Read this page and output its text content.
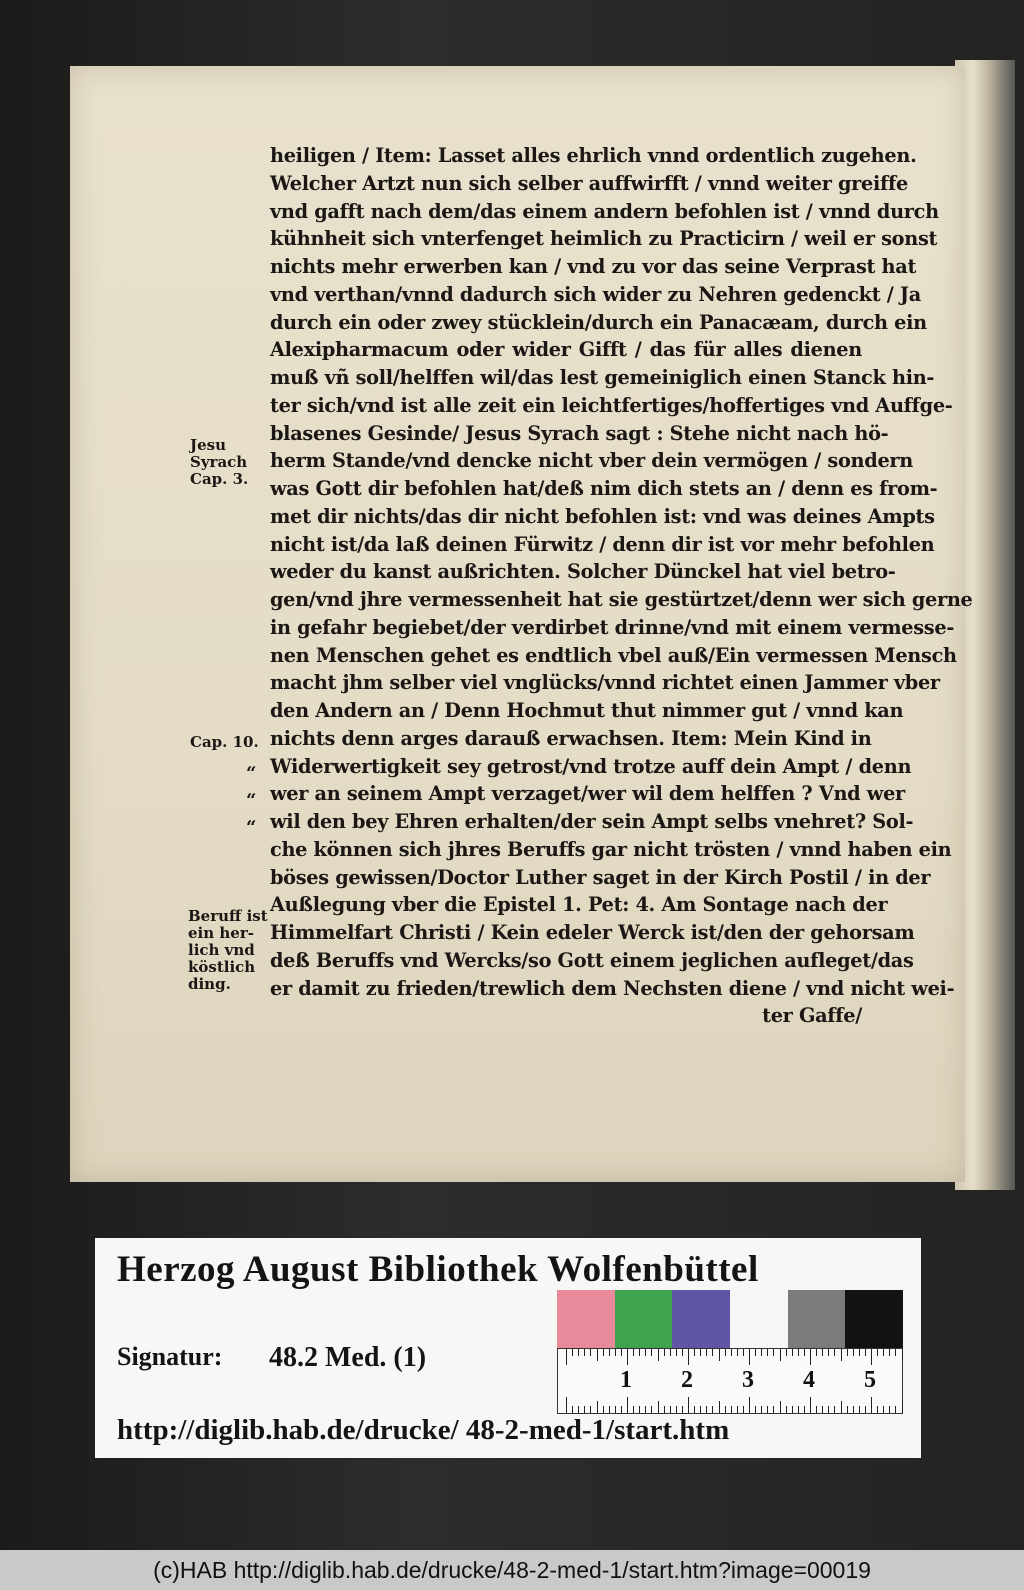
heiligen / Item: Lasset alles ehrlich vnnd ordentlich zugehen.
Welcher Artzt nun sich selber auffwirfft / vnnd weiter greiffe
vnd gafft nach dem/das einem andern befohlen ist / vnnd durch
kühnheit sich vnterfenget heimlich zu Practicirn / weil er sonst
nichts mehr erwerben kan / vnd zu vor das seine Verprast hat
vnd verthan/vnnd dadurch sich wider zu Nehren gedenckt / Ja
durch ein oder zwey stücklein/durch ein Panacæam, durch ein
Alexipharmacum oder wider Gifft / das für alles dienen
muß vñ soll/helffen wil/das lest gemeiniglich einen Stanck hin-
ter sich/vnd ist alle zeit ein leichtfertiges/hoffertiges vnd Auffge-
blasenes Gesinde/ Jesus Syrach sagt : Stehe nicht nach hö-
herm Stande/vnd dencke nicht vber dein vermögen / sondern
was Gott dir befohlen hat/deß nim dich stets an / denn es from-
met dir nichts/das dir nicht befohlen ist: vnd was deines Ampts
nicht ist/da laß deinen Fürwitz / denn dir ist vor mehr befohlen
weder du kanst außrichten. Solcher Dünckel hat viel betro-
gen/vnd jhre vermessenheit hat sie gestürtzet/denn wer sich gerne
in gefahr begiebet/der verdirbet drinne/vnd mit einem vermesse-
nen Menschen gehet es endtlich vbel auß/Ein vermessen Mensch
macht jhm selber viel vnglücks/vnnd richtet einen Jammer vber
den Andern an / Denn Hochmut thut nimmer gut / vnnd kan
nichts denn arges darauß erwachsen. Item: Mein Kind in
Widerwertigkeit sey getrost/vnd trotze auff dein Ampt / denn
wer an seinem Ampt verzaget/wer wil dem helffen ? Vnd wer
wil den bey Ehren erhalten/der sein Ampt selbs vnehret? Sol-
che können sich jhres Beruffs gar nicht trösten / vnnd haben ein
böses gewissen/Doctor Luther saget in der Kirch Postil / in der
Außlegung vber die Epistel 1. Pet: 4. Am Sontage nach der
Himmelfart Christi / Kein edeler Werck ist/den der gehorsam
deß Beruffs vnd Wercks/so Gott einem jeglichen aufleget/das
er damit zu frieden/trewlich dem Nechsten diene / vnd nicht wei-
ter Gaffe/
Jesu
Syrach
Cap. 3.
Cap. 10.
“
“
“
Beruff ist
ein her-
lich vnd
köstlich
ding.
Herzog August Bibliothek Wolfenbüttel
Signatur: 48.2 Med. (1)
1 2 3 4 5
http://diglib.hab.de/drucke/ 48-2-med-1/start.htm
(c)HAB http://diglib.hab.de/drucke/48-2-med-1/start.htm?image=00019
